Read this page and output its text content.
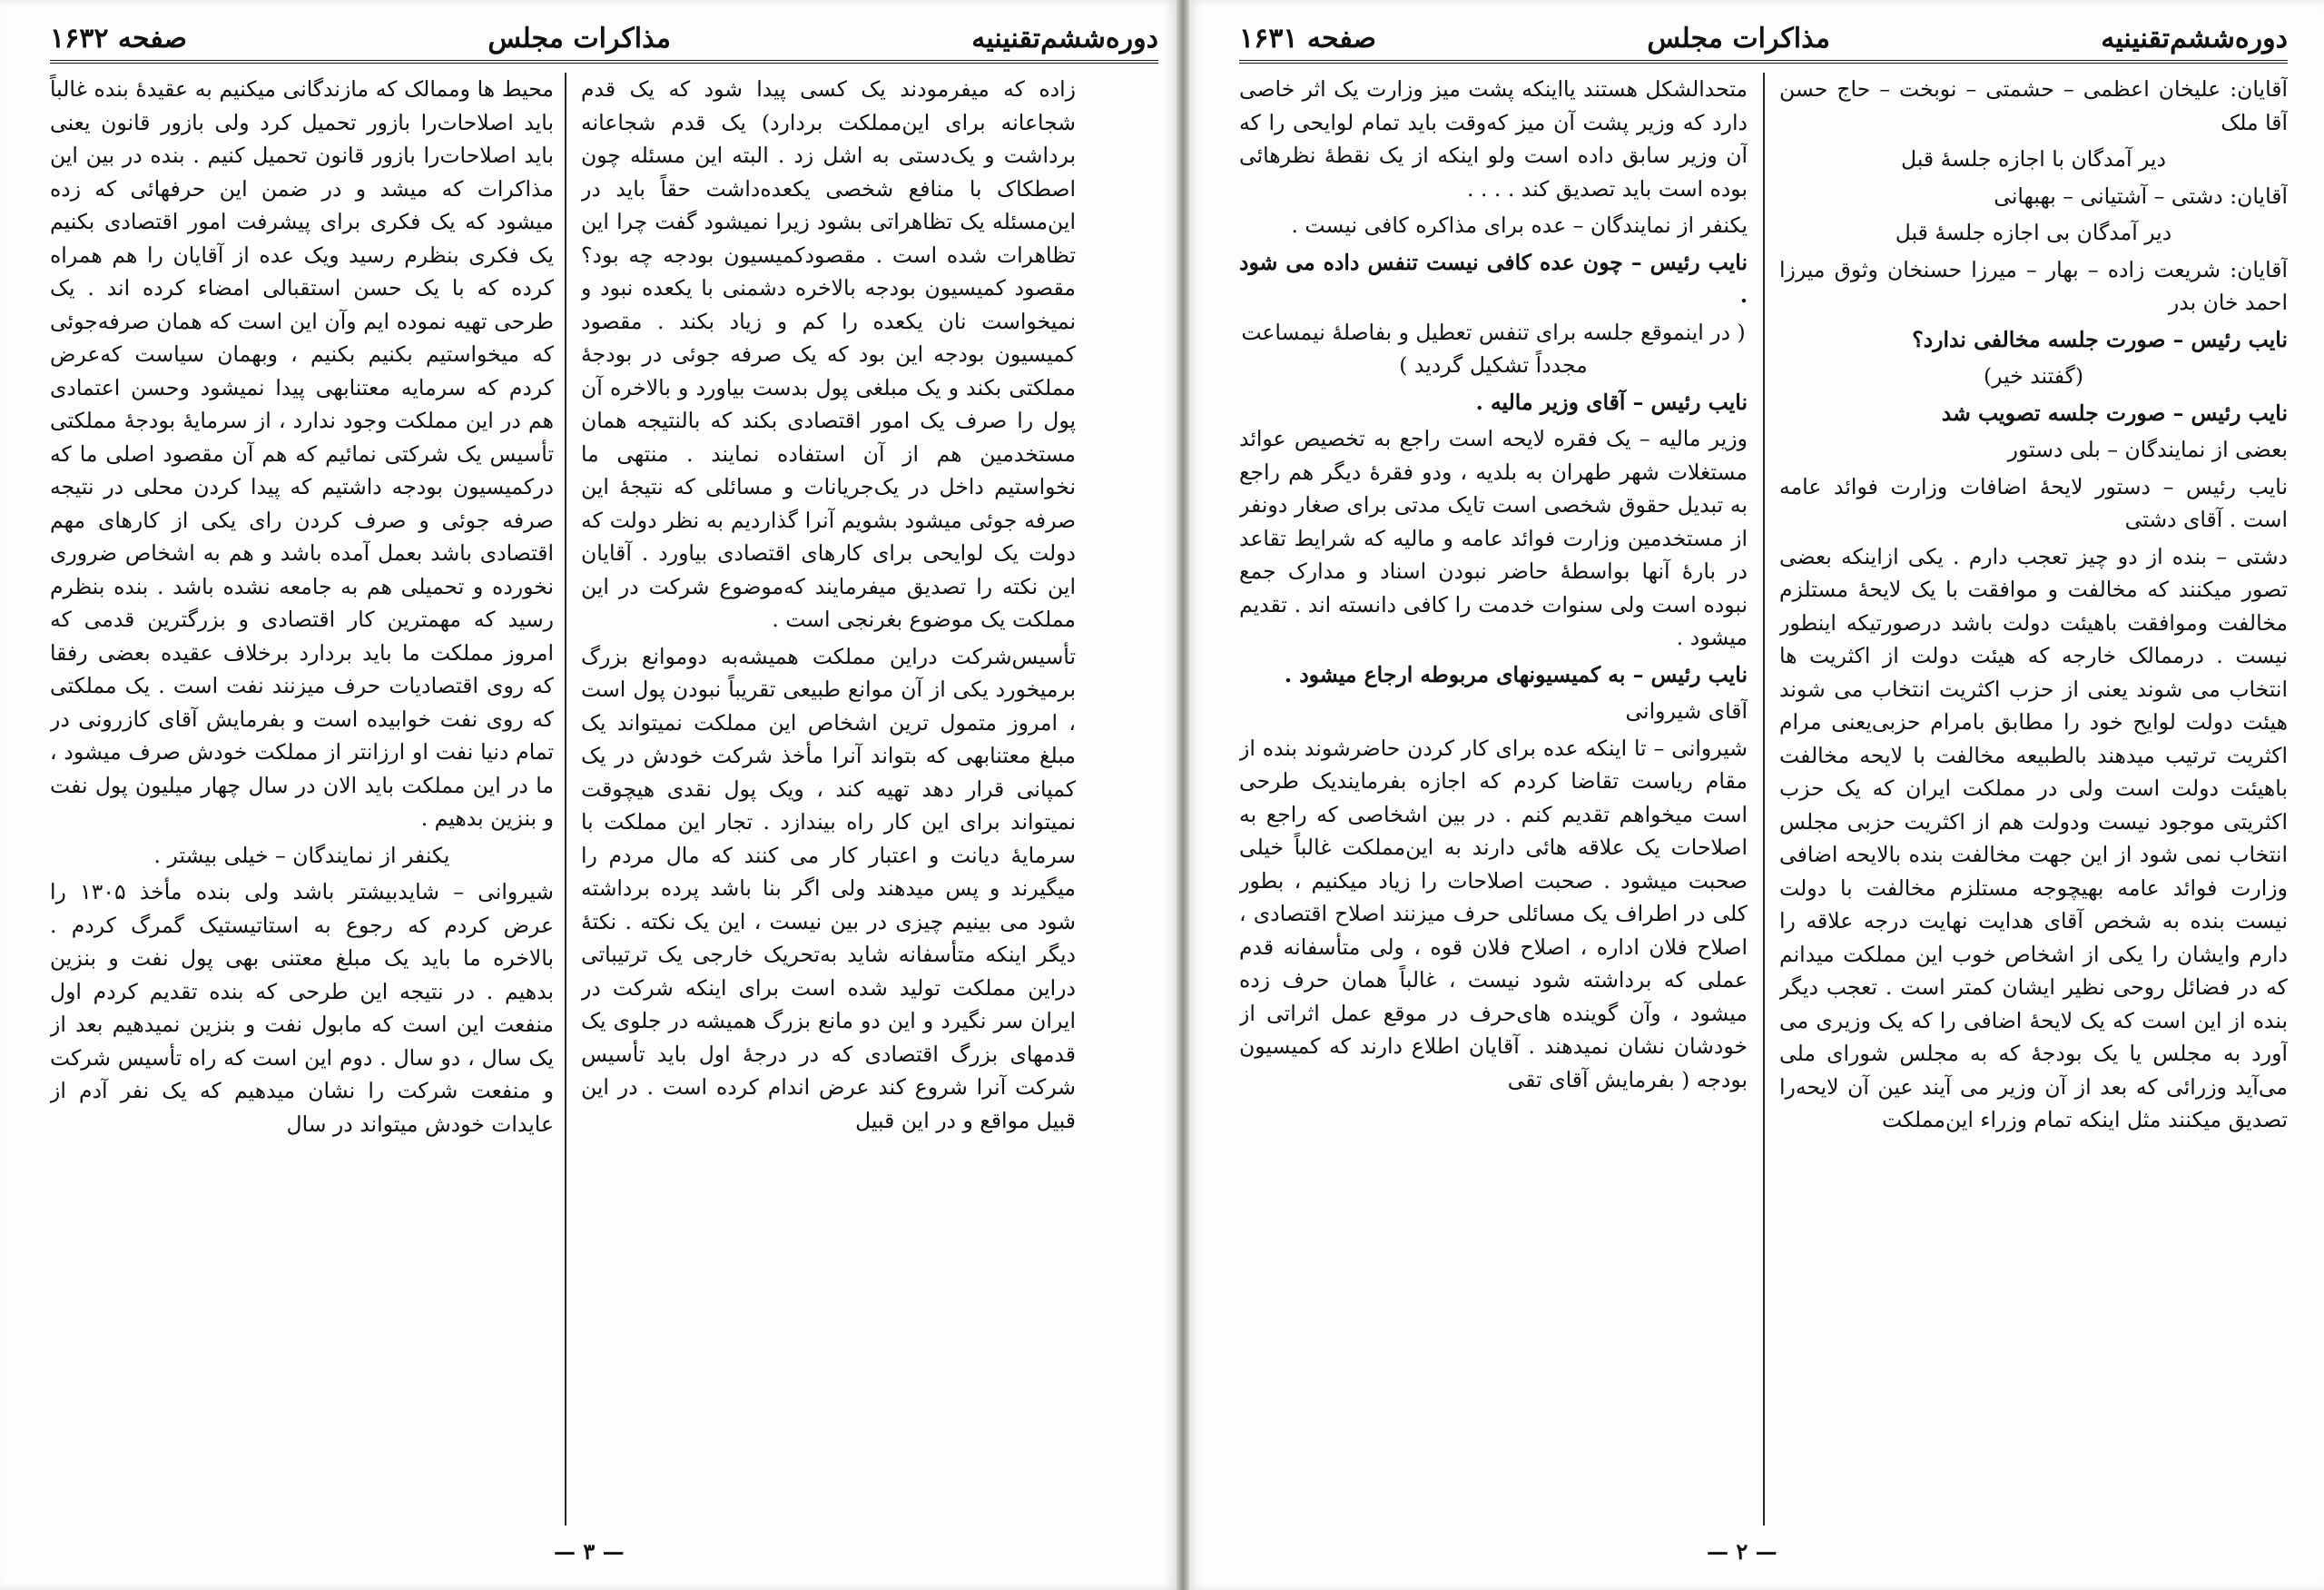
صفحه ۱۶۳۲	مذاکرات مجلس	دوره‌ششم‌تقنینیه

زاده که میفرمودند یک کسی پیدا شود که یک قدم شجاعانه برای این‌مملکت بردارد) یک قدم شجاعانه برداشت و یک‌دستی به اشل زد . البته این مسئله چون اصطکاک با منافع شخصی یکعده‌داشت حقاً باید در این‌مسئله یک تظاهراتی بشود زیرا نمیشود گفت چرا این تظاهرات شده است . مقصود‌کمیسیون بودجه چه بود؟ مقصود کمیسیون بودجه بالاخره دشمنی با یکعده نبود و نمیخواست نان یکعده را کم و زیاد بکند . مقصود کمیسیون بودجه این بود که یک صرفه جوئی در بودجهٔ مملکتی بکند و یک مبلغی پول بدست بیاورد و بالاخره آن پول را صرف یک امور اقتصادی بکند که بالنتیجه همان مستخدمین هم از آن استفاده نمایند . منتهی ما نخواستیم داخل در یک‌جریانات و مسائلی که نتیجهٔ این صرفه جوئی میشود بشویم آنرا گذاردیم به نظر دولت که دولت یک لوایحی برای کارهای اقتصادی بیاورد . آقایان این نکته را تصدیق میفرمایند که‌موضوع شرکت در این مملکت یک موضوع بغرنجی است .

تأسیس‌شرکت دراین مملکت همیشه‌به دوموانع بزرگ برمیخورد یکی از آن موانع طبیعی تقریباً نبودن پول است ، امروز متمول ترین اشخاص این مملکت نمیتواند یک مبلغ معتنابهی که بتواند آنرا مأخذ شرکت خودش در یک کمپانی قرار دهد تهیه کند ، ویک پول نقدی هیچوقت نمیتواند برای این کار راه بیندازد . تجار این مملکت با سرمایهٔ دیانت و اعتبار کار می کنند که مال مردم را میگیرند و پس میدهند ولی اگر بنا باشد پرده برداشته شود می بینیم چیزی در بین نیست ، این یک نکته . نکتهٔ دیگر اینکه متأسفانه شاید به‌تحریک خارجی یک ترتیباتی دراین مملکت تولید شده است برای اینکه شرکت در ایران سر نگیرد و این دو مانع بزرگ همیشه در جلوی یک قدمهای بزرگ اقتصادی که در درجهٔ اول باید تأسیس شرکت آنرا شروع کند عرض اندام کرده است . در این قبیل مواقع و در این قبیل

محیط ها وممالک که مازندگانی میکنیم به عقیدهٔ بنده غالباً باید اصلاحات‌را بازور تحمیل کرد ولی بازور قانون یعنی باید اصلاحات‌را بازور قانون تحمیل کنیم . بنده در بین این مذاکرات که میشد و در ضمن این حرفهائی که زده میشود که یک فکری برای پیشرفت امور اقتصادی بکنیم یک فکری بنظرم رسید ویک عده از آقایان را هم همراه کرده که با یک حسن استقبالی امضاء کرده اند . یک طرحی تهیه نموده ایم وآن این است که همان صرفه‌جوئی که میخواستیم بکنیم بکنیم ، وبهمان سیاست که‌عرض کردم که سرمایه معتنابهی پیدا نمیشود وحسن اعتمادی هم در این مملکت وجود ندارد ، از سرمایهٔ بودجهٔ مملکتی تأسیس یک شرکتی نمائیم که هم آن مقصود اصلی ما که درکمیسیون بودجه داشتیم که پیدا کردن محلی در نتیجه صرفه جوئی و صرف کردن رای یکی از کارهای مهم اقتصادی باشد بعمل آمده باشد و هم به اشخاص ضروری نخورده و تحمیلی هم به جامعه نشده باشد . بنده بنظرم رسید که مهمترین کار اقتصادی و بزرگترین قدمی که امروز مملکت ما باید بردارد برخلاف عقیده بعضی رفقا که روی اقتصادیات حرف میزنند نفت است . یک مملکتی که روی نفت خوابیده است و بفرمایش آقای کازرونی در تمام دنیا نفت او ارزانتر از مملکت خودش صرف میشود ، ما در این مملکت باید الان در سال چهار میلیون پول نفت و بنزین بدهیم .

یکنفر از نمایندگان – خیلی بیشتر .

شیروانی – شاید‌بیشتر باشد ولی بنده مأخذ ۱۳۰۵ را عرض کردم که رجوع به استاتیستیک گمرگ کردم . بالاخره ما باید یک مبلغ معتنی بهی پول نفت و بنزین بدهیم . در نتیجه این طرحی که بنده تقدیم کردم اول منفعت این است که مابول نفت و بنزین نمیدهیم بعد از یک سال ، دو سال . دوم این است که راه تأسیس شرکت و منفعت شرکت را نشان میدهیم که یک نفر آدم از عایدات خودش میتواند در سال

— ۳ —
صفحه ۱۶۳۱	مذاکرات مجلس	دوره‌ششم‌تقنینیه

آقایان: علیخان اعظمی – حشمتی – نوبخت – حاج حسن آقا ملک

دیر آمدگان با اجازه جلسهٔ قبل

آقایان: دشتی – آشتیانی – بهبهانی

دیر آمدگان بی اجازه جلسهٔ قبل

آقایان: شریعت زاده – بهار – میرزا حسنخان وثوق میرزا احمد خان بدر

نایب رئیس – صورت جلسه مخالفی ندارد؟

(گفتند خیر)

نایب رئیس – صورت جلسه تصویب شد

بعضی از نمایندگان – بلی دستور

نایب رئیس – دستور لایحهٔ اضافات وزارت فوائد عامه است . آقای دشتی

دشتی – بنده از دو چیز تعجب دارم . یکی ازاینکه بعضی تصور میکنند که مخالفت و موافقت با یک لایحهٔ مستلزم مخالفت وموافقت باهیئت دولت باشد درصورتیکه اینطور نیست . درممالک خارجه که هیئت دولت از اکثریت ها انتخاب می شوند یعنی از حزب اکثریت انتخاب می شوند هیئت دولت لوایح خود را مطابق بامرام حزبی‌یعنی مرام اکثریت ترتیب میدهند بالطبیعه مخالفت با لایحه مخالفت باهیئت دولت است ولی در مملکت ایران که یک حزب اکثریتی موجود نیست ودولت هم از اکثریت حزبی مجلس انتخاب نمی شود از این جهت مخالفت بنده بالایحه اضافی وزارت فوائد عامه بهیچوجه مستلزم مخالفت با دولت نیست بنده به شخص آقای هدایت نهایت درجه علاقه را دارم وایشان را یکی از اشخاص خوب این مملکت میدانم که در فضائل روحی نظیر ایشان کمتر است . تعجب دیگر بنده از این است که یک لایحهٔ اضافی را که یک وزیری می آورد به مجلس یا یک بودجهٔ که به مجلس شورای ملی می‌آید وزرائی که بعد از آن وزیر می آیند عین آن لایحه‌را تصدیق میکنند مثل اینکه تمام وزراء این‌مملکت

متحدالشکل هستند یااینکه پشت میز وزارت یک اثر خاصی دارد که وزیر پشت آن میز که‌وقت باید تمام لوایحی را که آن وزیر سابق داده است ولو اینکه از یک نقطهٔ نظرهائی بوده است باید تصدیق کند . . . .

یکنفر از نمایندگان – عده برای مذاکره کافی نیست .

نایب رئیس – چون عده کافی نیست تنفس داده می شود .

( در اینموقع جلسه برای تنفس تعطیل و بفاصلهٔ نیمساعت مجدداً تشکیل گردید )

نایب رئیس – آقای وزیر مالیه .

وزیر مالیه – یک فقره لایحه است راجع به تخصیص عوائد مستغلات شهر طهران به بلدیه ، ودو فقرهٔ دیگر هم راجع به تبدیل حقوق شخصی است تایک مدتی برای صغار دونفر از مستخدمین وزارت فوائد عامه و مالیه که شرایط تقاعد در بارهٔ آنها بواسطهٔ حاضر نبودن اسناد و مدارک جمع نبوده است ولی سنوات خدمت را کافی دانسته اند . تقدیم میشود .

نایب رئیس – به کمیسیونهای مربوطه ارجاع میشود .

آقای شیروانی

شیروانی – تا اینکه عده برای کار کردن حاضرشوند بنده از مقام ریاست تقاضا کردم که اجازه بفرمایند‌یک طرحی است میخواهم تقدیم کنم . در بین اشخاصی که راجع به اصلاحات یک علاقه هائی دارند به این‌مملکت غالباً خیلی صحبت میشود . صحبت اصلاحات را زیاد میکنیم ، بطور کلی در اطراف یک مسائلی حرف میزنند اصلاح اقتصادی ، اصلاح فلان اداره ، اصلاح فلان قوه ، ولی متأسفانه قدم عملی که برداشته شود نیست ، غالباً همان حرف زده میشود ، وآن گوینده های‌حرف در موقع عمل اثراتی از خودشان نشان نمیدهند . آقایان اطلاع دارند که کمیسیون بودجه ( بفرمایش آقای تقی

— ۲ —
